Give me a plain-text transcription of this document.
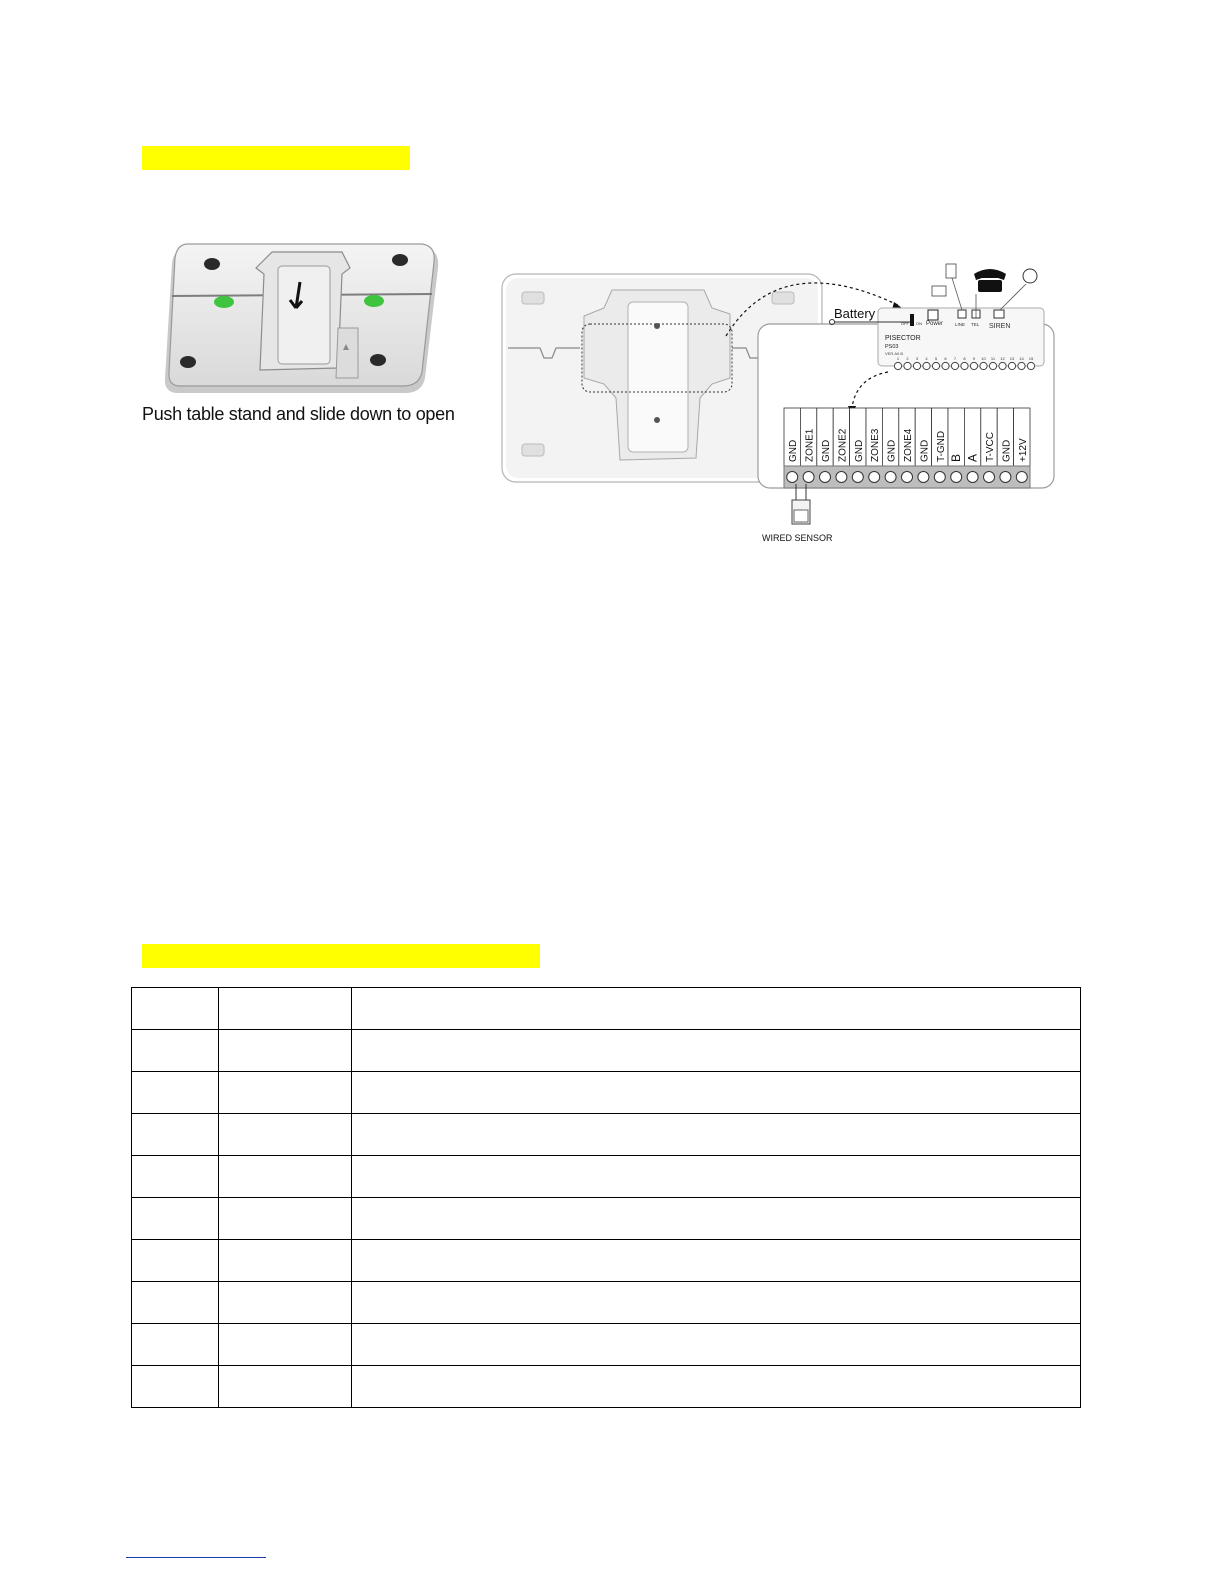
Push table stand and slide down to open
Battery
OFF ON Power	LINE TEL SIREN
PISECTOR
PS03
VER.A0.B
1 2 3 4 5 6 7 8 9 10 11 12 13 14 15
GND ZONE1 GND ZONE2 GND ZONE3 GND ZONE4 GND T-GND B A T-VCC GND +12V
WIRED SENSOR
